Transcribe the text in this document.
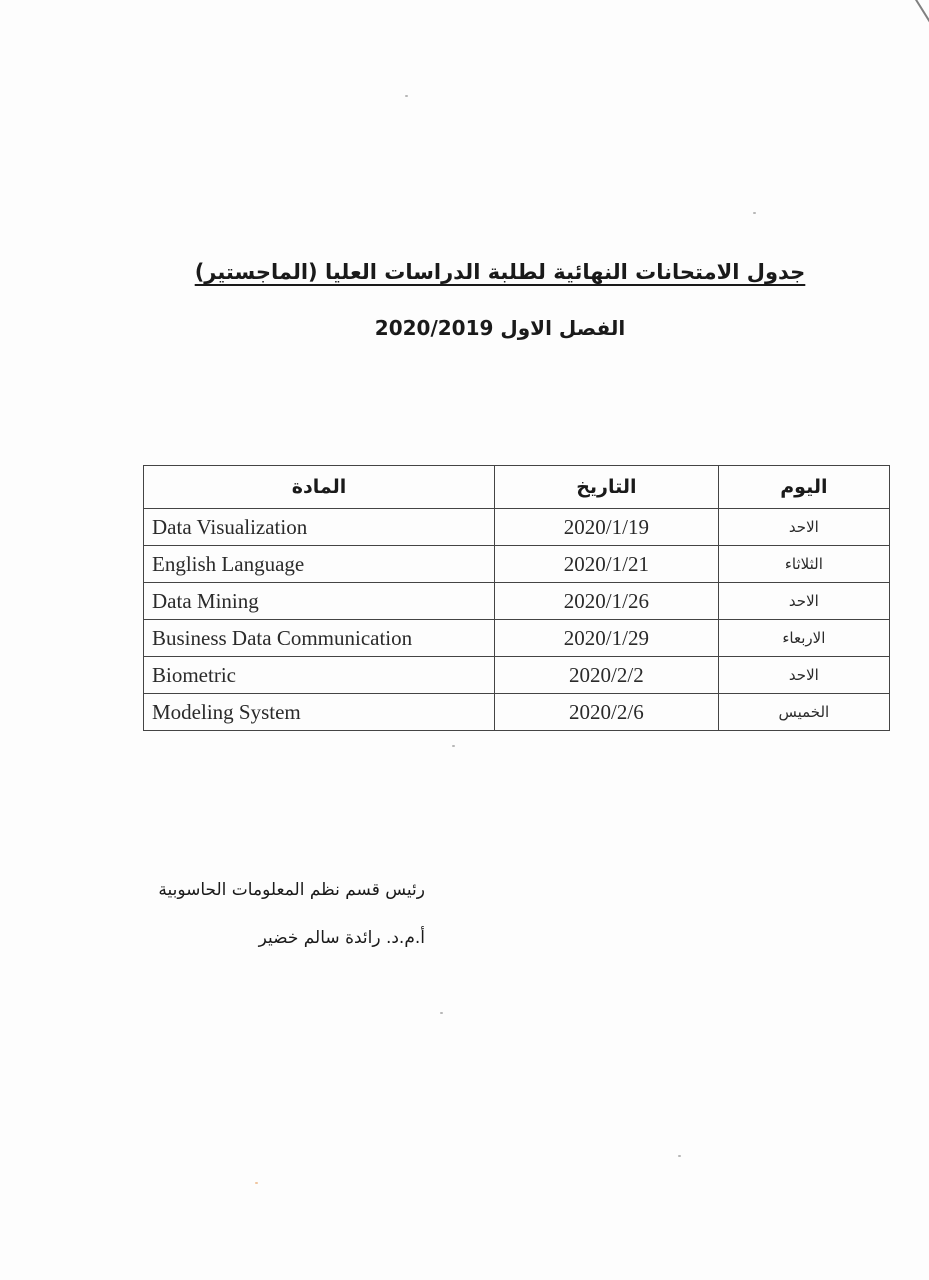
جدول الامتحانات النهائية لطلبة الدراسات العليا (الماجستير)
الفصل الاول 2020/2019
المادة	التاريخ	اليوم
Data Visualization	2020/1/19	الاحد
English Language	2020/1/21	الثلاثاء
Data Mining	2020/1/26	الاحد
Business Data Communication	2020/1/29	الاربعاء
Biometric	2020/2/2	الاحد
Modeling System	2020/2/6	الخميس
رئيس قسم نظم المعلومات الحاسوبية
أ.م.د. رائدة سالم خضير
